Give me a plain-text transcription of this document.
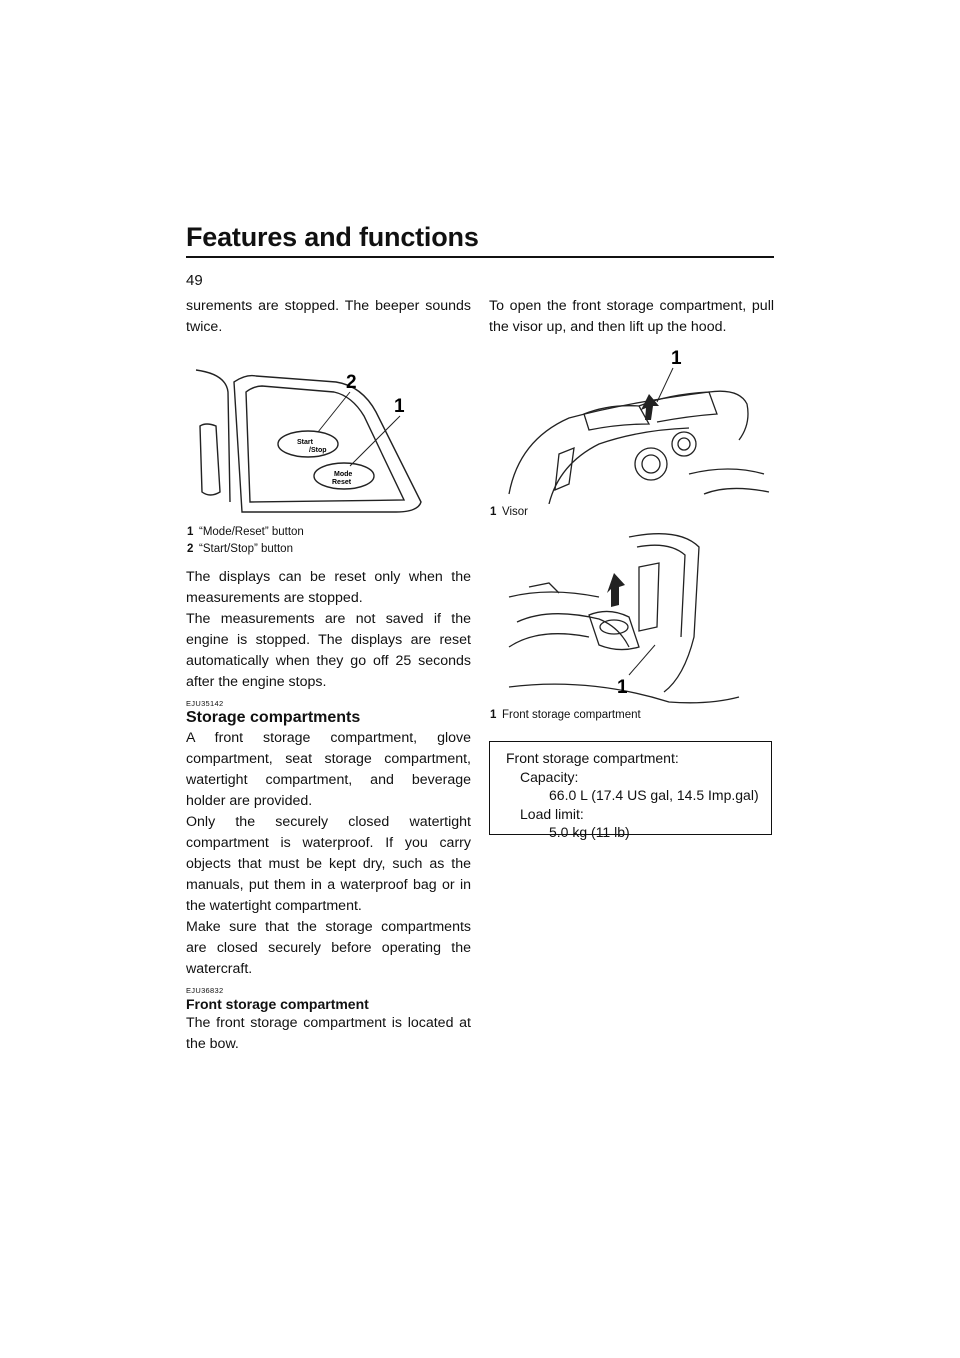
Features and functions
49

surements are stopped. The beeper sounds twice.

Start
/Stop
Mode
Reset
2
1
1 “Mode/Reset” button
2 “Start/Stop” button

The displays can be reset only when the measurements are stopped.

The measurements are not saved if the engine is stopped. The displays are reset automatically when they go off 25 seconds after the engine stops.

EJU35142
Storage compartments

A front storage compartment, glove compartment, seat storage compartment, watertight compartment, and beverage holder are provided.

Only the securely closed watertight compartment is waterproof. If you carry objects that must be kept dry, such as the manuals, put them in a waterproof bag or in the watertight compartment.

Make sure that the storage compartments are closed securely before operating the watercraft.

EJU36832
Front storage compartment

The front storage compartment is located at the bow.

To open the front storage compartment, pull the visor up, and then lift up the hood.

1
1 Visor
1
1 Front storage compartment
Front storage compartment:
Capacity:
66.0 L (17.4 US gal, 14.5 Imp.gal)
Load limit:
5.0 kg (11 lb)
